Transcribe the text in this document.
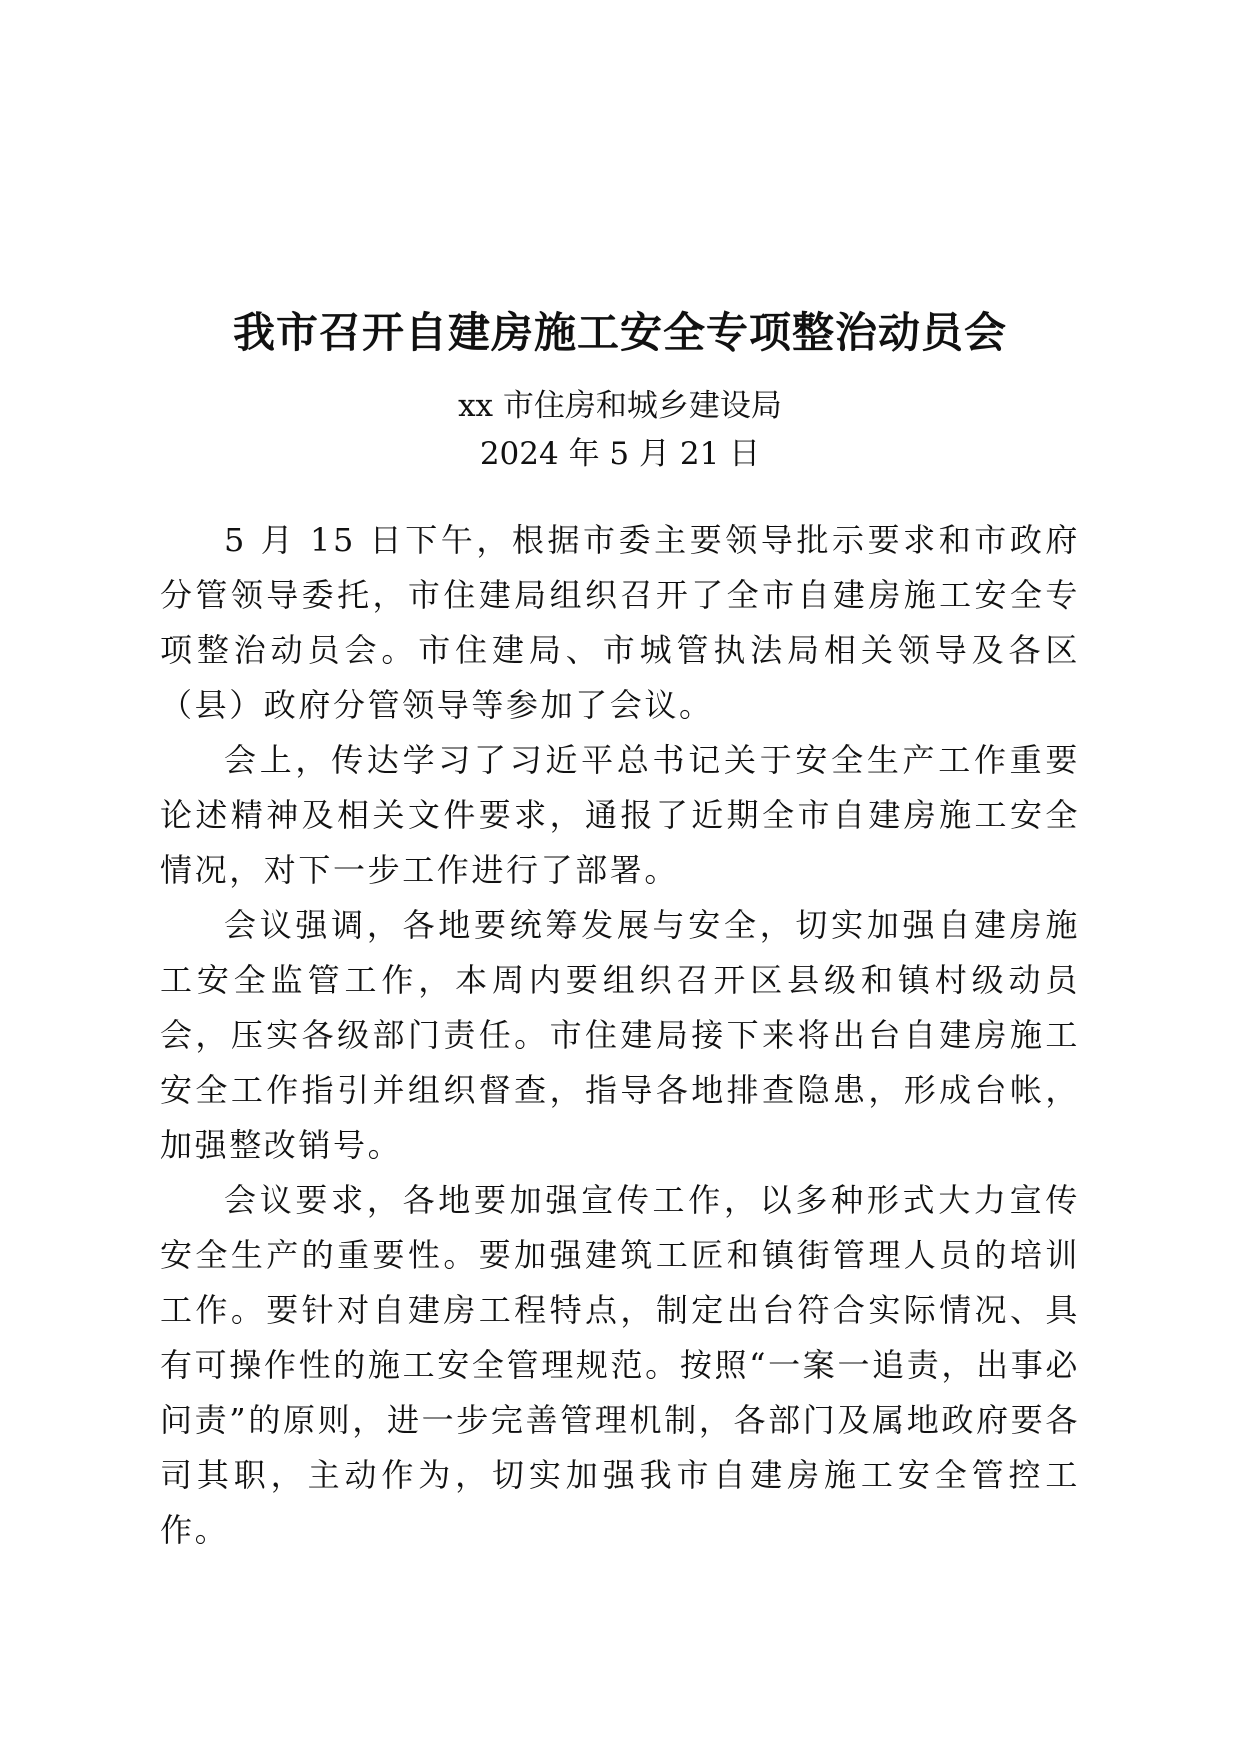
我市召开自建房施工安全专项整治动员会

xx 市住房和城乡建设局

2024 年 5 月 21 日

5 月 15 日下午，根据市委主要领导批示要求和市政府分管领导委托，市住建局组织召开了全市自建房施工安全专项整治动员会。市住建局、市城管执法局相关领导及各区（县）政府分管领导等参加了会议。

会上，传达学习了习近平总书记关于安全生产工作重要论述精神及相关文件要求，通报了近期全市自建房施工安全情况，对下一步工作进行了部署。

会议强调，各地要统筹发展与安全，切实加强自建房施工安全监管工作，本周内要组织召开区县级和镇村级动员会，压实各级部门责任。市住建局接下来将出台自建房施工安全工作指引并组织督查，指导各地排查隐患，形成台帐，加强整改销号。

会议要求，各地要加强宣传工作，以多种形式大力宣传安全生产的重要性。要加强建筑工匠和镇街管理人员的培训工作。要针对自建房工程特点，制定出台符合实际情况、具有可操作性的施工安全管理规范。按照“一案一追责，出事必问责”的原则，进一步完善管理机制，各部门及属地政府要各司其职，主动作为，切实加强我市自建房施工安全管控工作。
